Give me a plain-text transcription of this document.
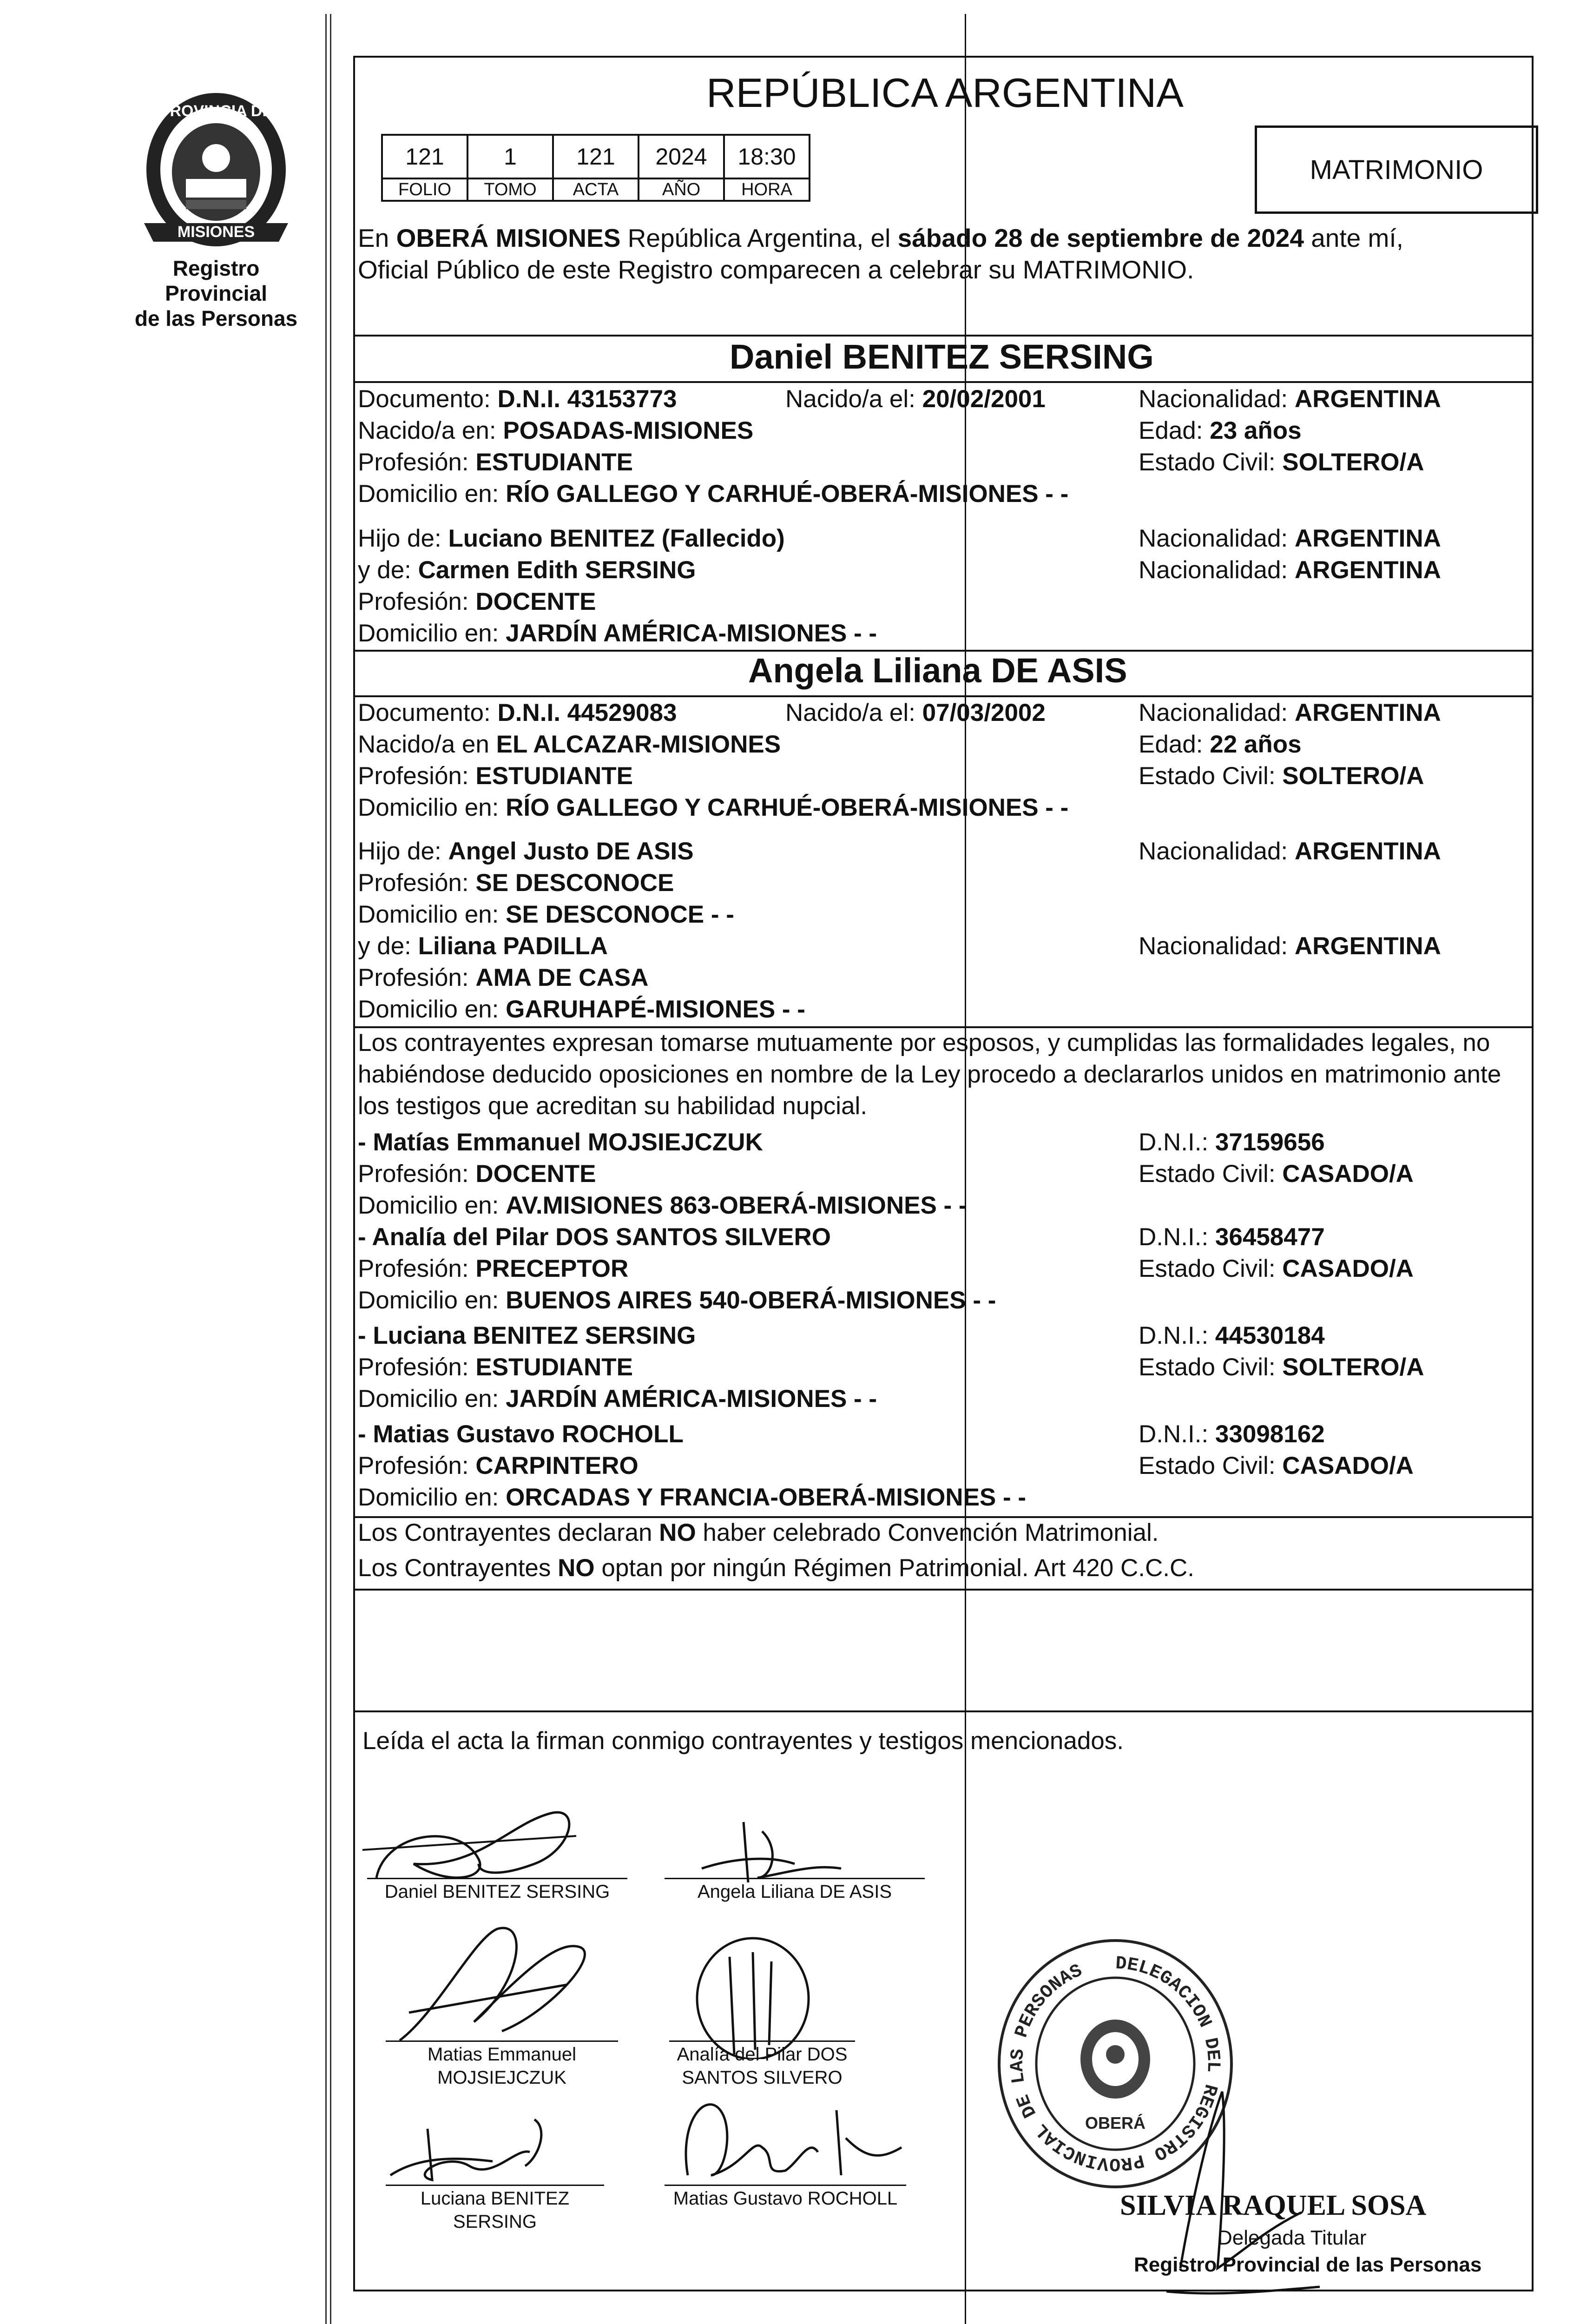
PROVINCIA DE
MISIONES
Registro Provincial
de las Personas
REPÚBLICA ARGENTINA
121	1	121	2024	18:30
FOLIO	TOMO	ACTA	AÑO	HORA
MATRIMONIO
En OBERÁ MISIONES República Argentina, el sábado 28 de septiembre de 2024 ante mí,
Oficial Público de este Registro comparecen a celebrar su MATRIMONIO.
Daniel BENITEZ SERSING
Documento: D.N.I. 43153773	Nacido/a el: 20/02/2001	Nacionalidad: ARGENTINA
Nacido/a en: POSADAS-MISIONES	Edad: 23 años
Profesión: ESTUDIANTE	Estado Civil: SOLTERO/A
Domicilio en: RÍO GALLEGO Y CARHUÉ-OBERÁ-MISIONES - -
Hijo de: Luciano BENITEZ (Fallecido)	Nacionalidad: ARGENTINA
y de: Carmen Edith SERSING	Nacionalidad: ARGENTINA
Profesión: DOCENTE
Domicilio en: JARDÍN AMÉRICA-MISIONES - -
Angela Liliana DE ASIS
Documento: D.N.I. 44529083	Nacido/a el: 07/03/2002	Nacionalidad: ARGENTINA
Nacido/a en EL ALCAZAR-MISIONES	Edad: 22 años
Profesión: ESTUDIANTE	Estado Civil: SOLTERO/A
Domicilio en: RÍO GALLEGO Y CARHUÉ-OBERÁ-MISIONES - -
Hijo de: Angel Justo DE ASIS	Nacionalidad: ARGENTINA
Profesión: SE DESCONOCE
Domicilio en: SE DESCONOCE - -
y de: Liliana PADILLA	Nacionalidad: ARGENTINA
Profesión: AMA DE CASA
Domicilio en: GARUHAPÉ-MISIONES - -
Los contrayentes expresan tomarse mutuamente por esposos, y cumplidas las formalidades legales, no
habiéndose deducido oposiciones en nombre de la Ley procedo a declararlos unidos en matrimonio ante
los testigos que acreditan su habilidad nupcial.
- Matías Emmanuel MOJSIEJCZUK	D.N.I.: 37159656
Profesión: DOCENTE	Estado Civil: CASADO/A
Domicilio en: AV.MISIONES 863-OBERÁ-MISIONES - -
- Analía del Pilar DOS SANTOS SILVERO	D.N.I.: 36458477
Profesión: PRECEPTOR	Estado Civil: CASADO/A
Domicilio en: BUENOS AIRES 540-OBERÁ-MISIONES - -
- Luciana BENITEZ SERSING	D.N.I.: 44530184
Profesión: ESTUDIANTE	Estado Civil: SOLTERO/A
Domicilio en: JARDÍN AMÉRICA-MISIONES - -
- Matias Gustavo ROCHOLL	D.N.I.: 33098162
Profesión: CARPINTERO	Estado Civil: CASADO/A
Domicilio en: ORCADAS Y FRANCIA-OBERÁ-MISIONES - -
Los Contrayentes declaran NO haber celebrado Convención Matrimonial.
Los Contrayentes NO optan por ningún Régimen Patrimonial. Art 420 C.C.C.
Leída el acta la firman conmigo contrayentes y testigos mencionados.
Daniel BENITEZ SERSING	Angela Liliana DE ASIS
Matias Emmanuel
MOJSIEJCZUK
Analía del Pilar DOS
SANTOS SILVERO
Luciana BENITEZ
SERSING
Matias Gustavo ROCHOLL
DELEGACION DEL REGISTRO PROVINCIAL DE LAS PERSONAS
OBERÁ
SILVIA RAQUEL SOSA
Delegada Titular
Registro Provincial de las Personas
